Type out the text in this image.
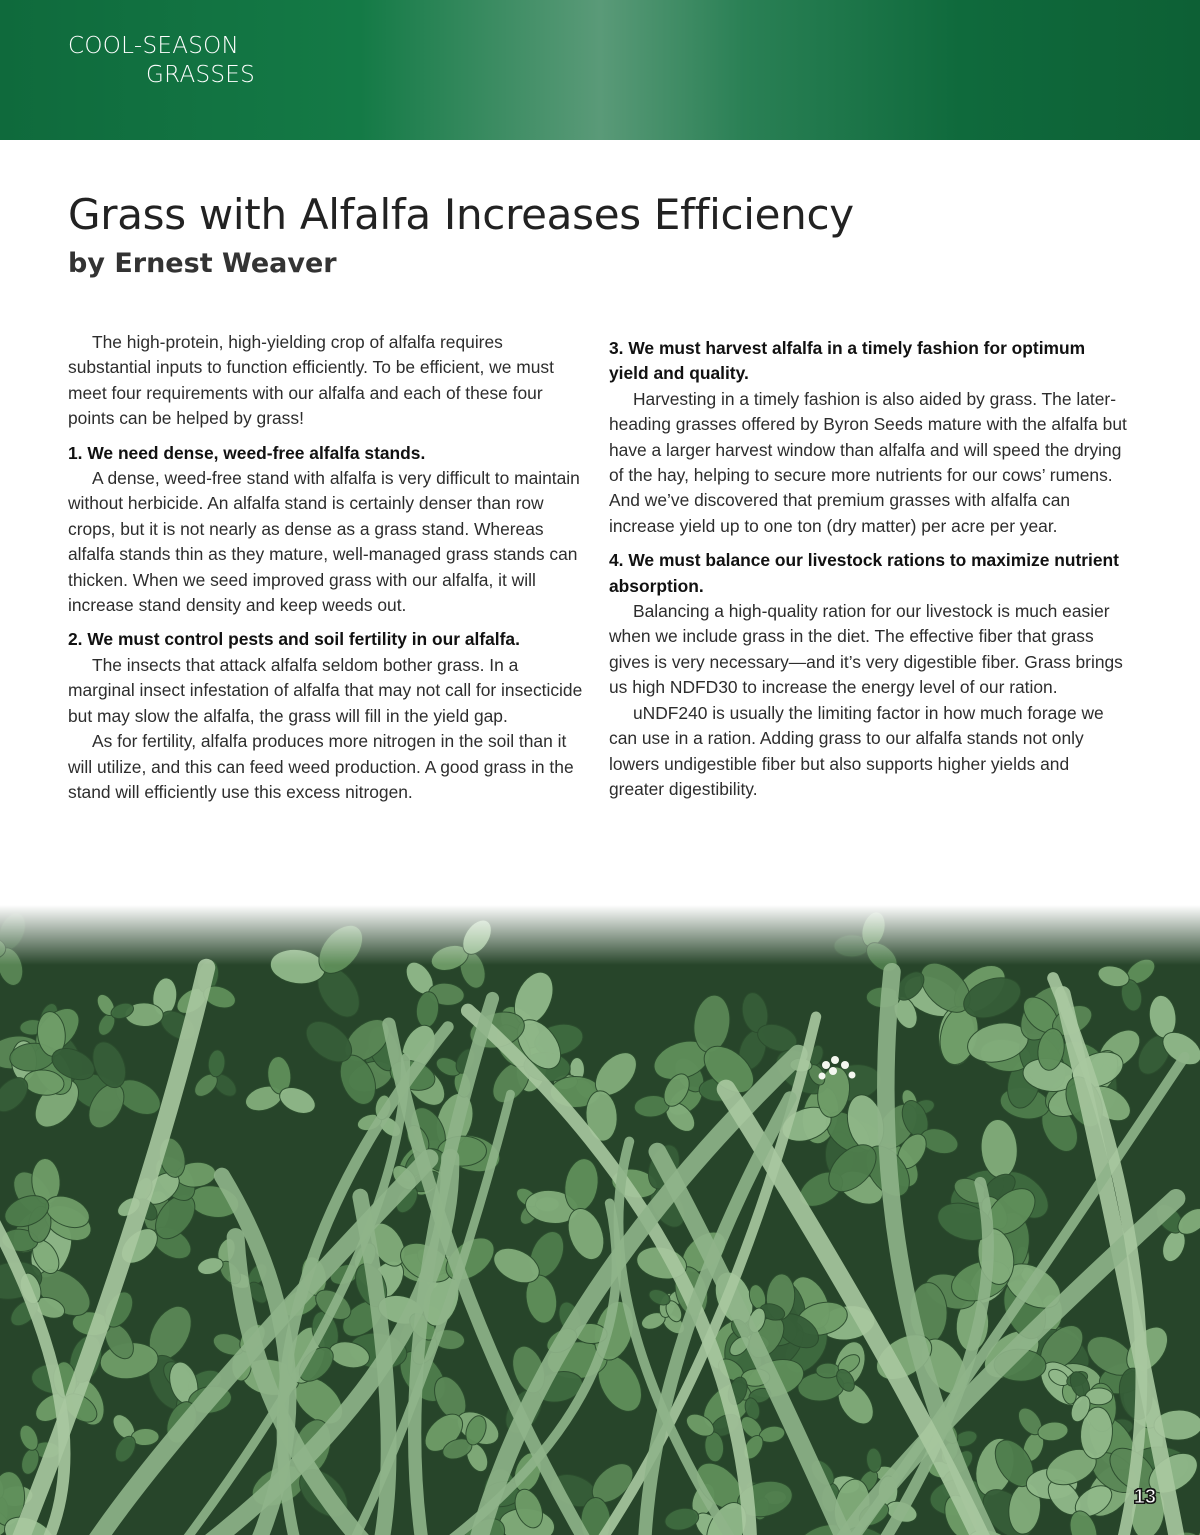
COOL-SEASON
GRASSES
Grass with Alfalfa Increases Efficiency
by Ernest Weaver

The high-protein, high-yielding crop of alfalfa requires substantial inputs to function efficiently. To be efficient, we must meet four requirements with our alfalfa and each of these four points can be helped by grass!

1. We need dense, weed-free alfalfa stands.

A dense, weed-free stand with alfalfa is very difficult to maintain without herbicide. An alfalfa stand is certainly denser than row crops, but it is not nearly as dense as a grass stand. Whereas alfalfa stands thin as they mature, well-managed grass stands can thicken. When we seed improved grass with our alfalfa, it will increase stand density and keep weeds out.

2. We must control pests and soil fertility in our alfalfa.

The insects that attack alfalfa seldom bother grass. In a marginal insect infestation of alfalfa that may not call for insecticide but may slow the alfalfa, the grass will fill in the yield gap.

As for fertility, alfalfa produces more nitrogen in the soil than it will utilize, and this can feed weed production. A good grass in the stand will efficiently use this excess nitrogen.

3. We must harvest alfalfa in a timely fashion for optimum yield and quality.

Harvesting in a timely fashion is also aided by grass. The later-heading grasses offered by Byron Seeds mature with the alfalfa but have a larger harvest window than alfalfa and will speed the drying of the hay, helping to secure more nutrients for our cows’ rumens. And we’ve discovered that premium grasses with alfalfa can increase yield up to one ton (dry matter) per acre per year.

4. We must balance our livestock rations to maximize nutrient absorption.

Balancing a high-quality ration for our livestock is much easier when we include grass in the diet. The effective fiber that grass gives is very necessary—and it’s very digestible fiber. Grass brings us high NDFD30 to increase the energy level of our ration.

uNDF240 is usually the limiting factor in how much forage we can use in a ration. Adding grass to our alfalfa stands not only lowers undigestible fiber but also supports higher yields and greater digestibility.

13
